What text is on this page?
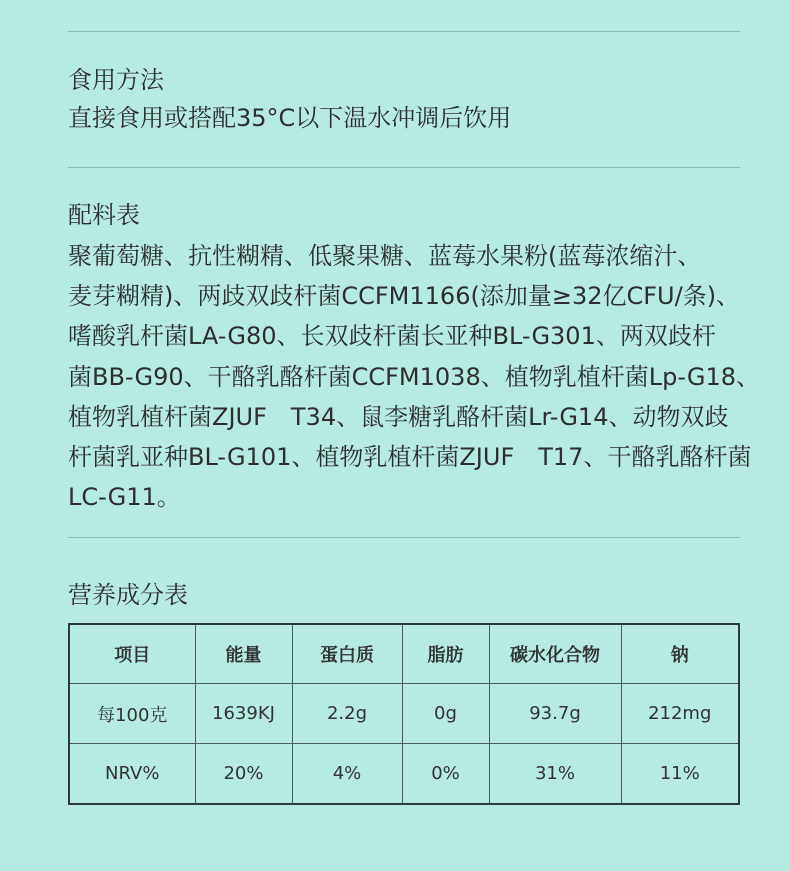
食用方法
直接食用或搭配35°C以下温水冲调后饮用
配料表
聚葡萄糖、抗性糊精、低聚果糖、蓝莓水果粉(蓝莓浓缩汁、
麦芽糊精)、两歧双歧杆菌CCFM1166(添加量≥32亿CFU/条)、
嗜酸乳杆菌LA-G80、长双歧杆菌长亚种BL-G301、两双歧杆
菌BB-G90、干酪乳酪杆菌CCFM1038、植物乳植杆菌Lp-G18、
植物乳植杆菌ZJUF　T34、鼠李糖乳酪杆菌Lr-G14、动物双歧
杆菌乳亚种BL-G101、植物乳植杆菌ZJUF　T17、干酪乳酪杆菌
LC-G11。
营养成分表
项目	能量	蛋白质	脂肪	碳水化合物	钠
每100克	1639KJ	2.2g	0g	93.7g	212mg
NRV%	20%	4%	0%	31%	11%
